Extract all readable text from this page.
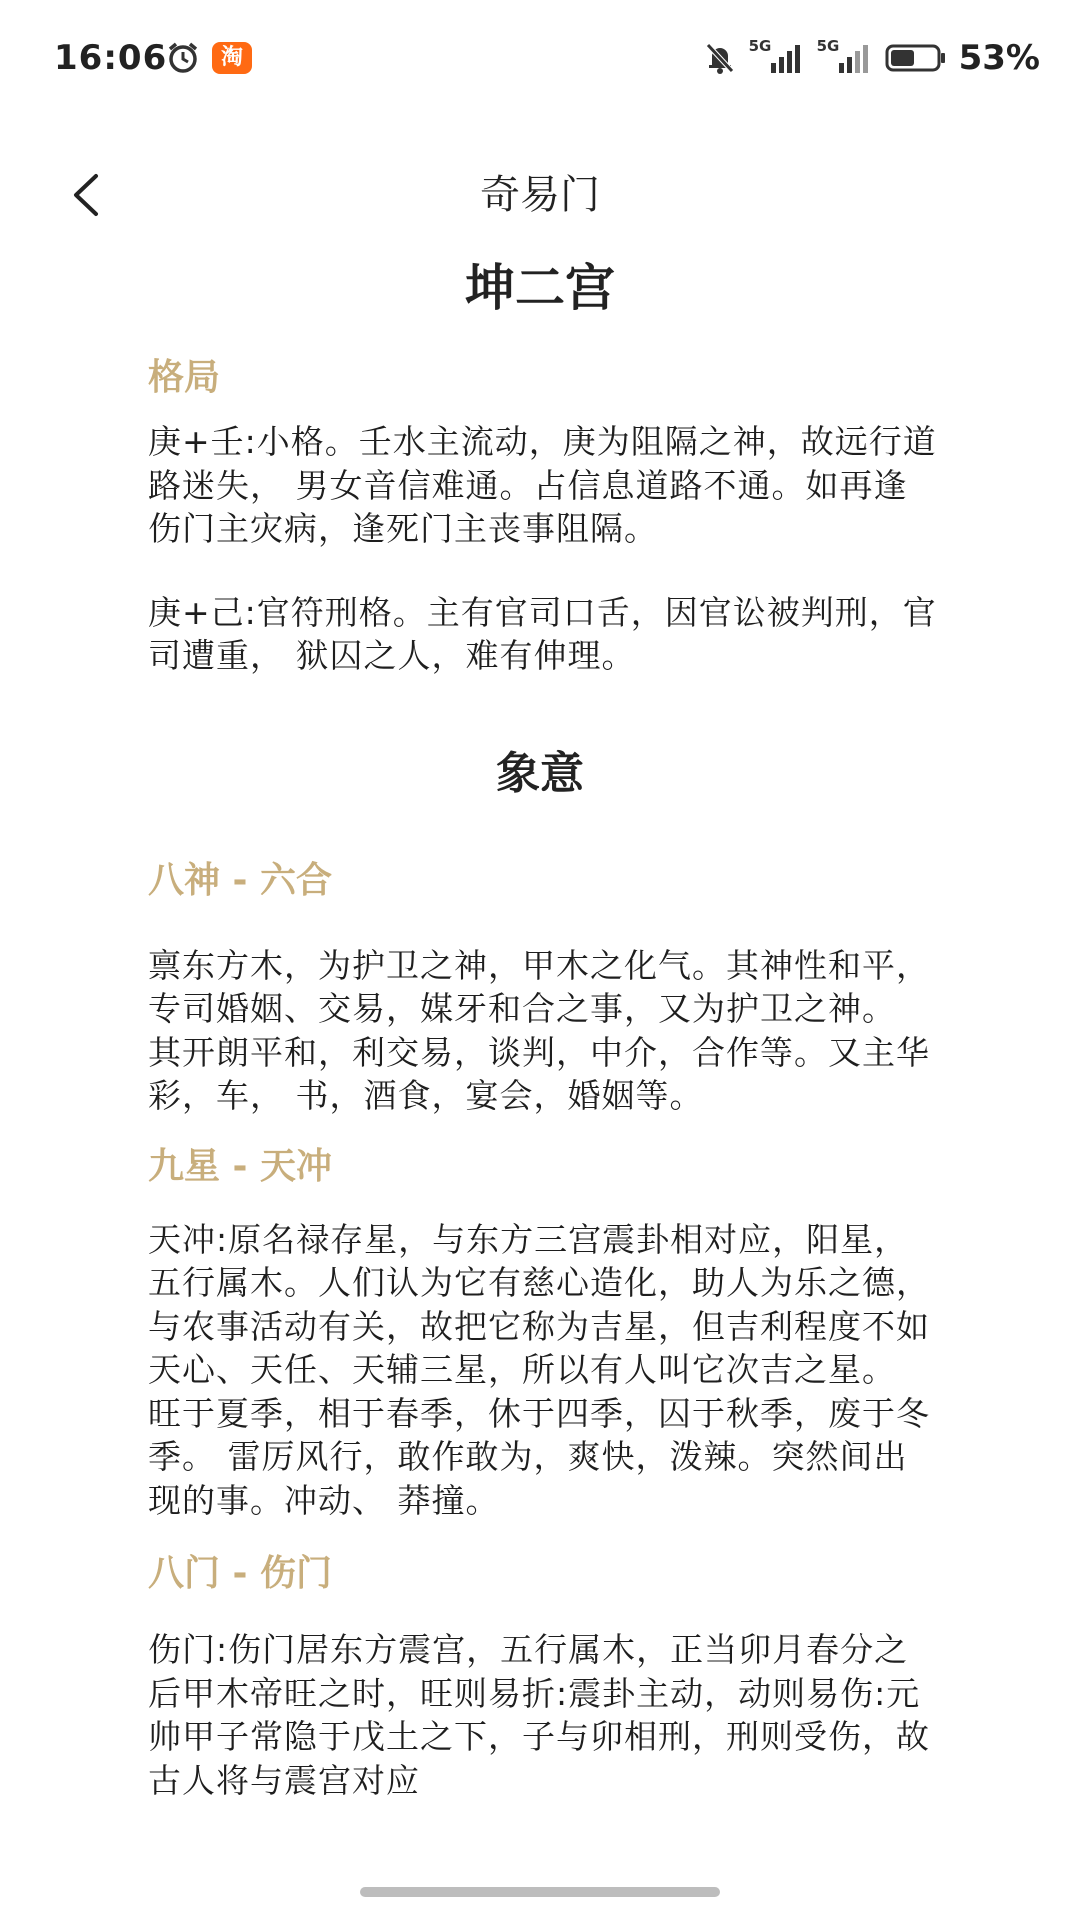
16:06	淘	5G	5G	53%
奇易门
坤二宫
格局
庚+壬:小格。壬水主流动，庚为阻隔之神，故远行道路迷失， 男女音信难通。占信息道路不通。如再逢伤门主灾病，逢死门主丧事阻隔。
庚+己:官符刑格。主有官司口舌，因官讼被判刑，官司遭重， 狱囚之人，难有伸理。
象意
八神 - 六合
禀东方木，为护卫之神，甲木之化气。其神性和平，专司婚姻、交易，媒牙和合之事，又为护卫之神。 其开朗平和，利交易，谈判，中介，合作等。又主华彩，车， 书，酒食，宴会，婚姻等。
九星 - 天冲
天冲:原名禄存星，与东方三宫震卦相对应，阳星，五行属木。人们认为它有慈心造化，助人为乐之德，与农事活动有关，故把它称为吉星，但吉利程度不如天心、天任、天辅三星，所以有人叫它次吉之星。 旺于夏季，相于春季，休于四季，囚于秋季，废于冬季。 雷厉风行，敢作敢为，爽快，泼辣。突然间出现的事。冲动、 莽撞。
八门 - 伤门
伤门:伤门居东方震宫，五行属木，正当卯月春分之后甲木帝旺之时，旺则易折:震卦主动，动则易伤:元帅甲子常隐于戊土之下，子与卯相刑，刑则受伤，故古人将与震宫对应
